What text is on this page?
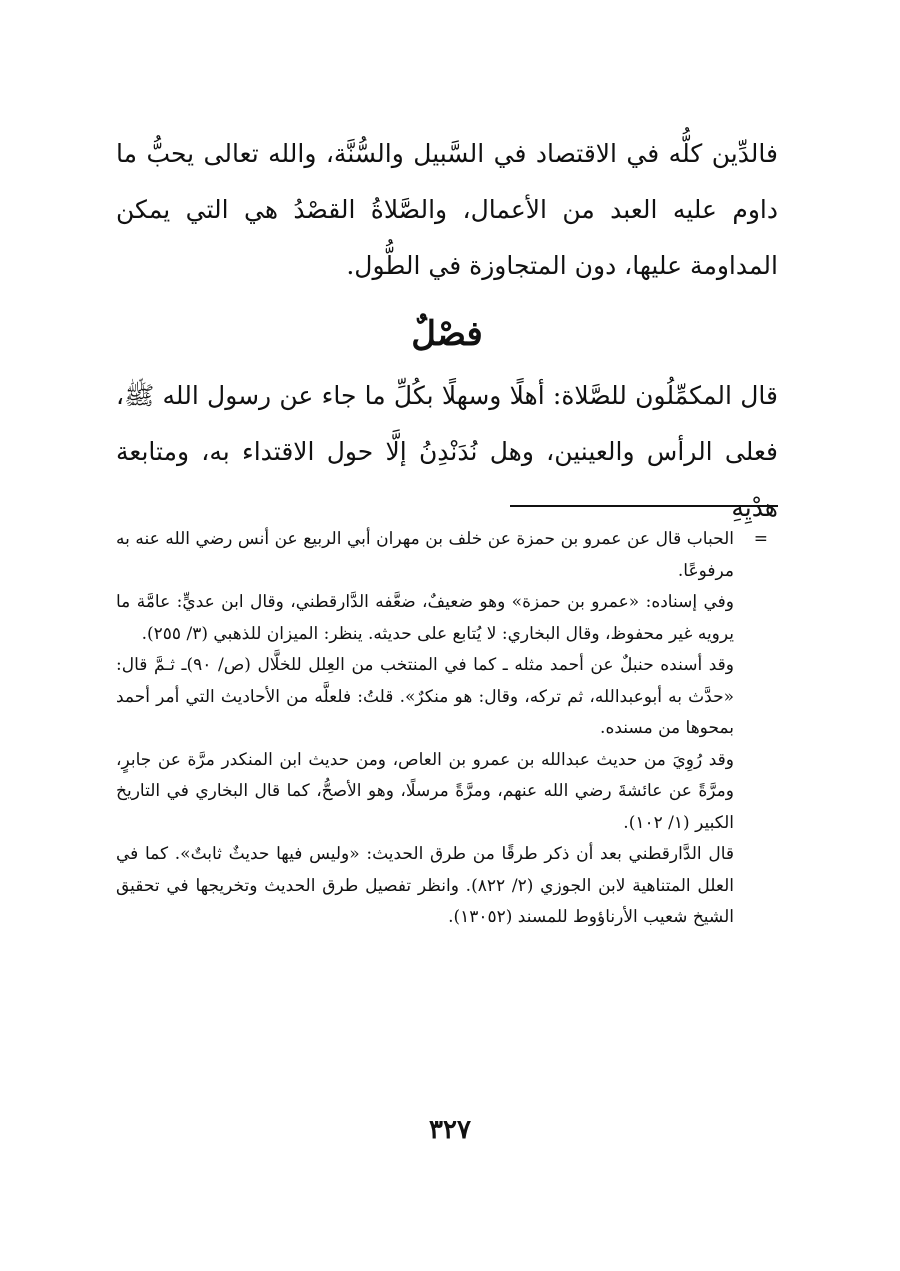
فالدِّين كلُّه في الاقتصاد في السَّبيل والسُّنَّة، والله تعالى يحبُّ ما داوم عليه العبد من الأعمال، والصَّلاةُ القصْدُ هي التي يمكن المداومة عليها، دون المتجاوزة في الطُّول.

فصْلٌ

قال المكمِّلُون للصَّلاة: أهلًا وسهلًا بكُلِّ ما جاء عن رسول الله ﷺ، فعلى الرأس والعينين، وهل نُدَنْدِنُ إلَّا حول الاقتداء به، ومتابعة هدْيِهِ

=
الحباب قال عن عمرو بن حمزة عن خلف بن مهران أبي الربيع عن أنس رضي الله عنه به مرفوعًا.

وفي إسناده: «عمرو بن حمزة» وهو ضعيفٌ، ضعَّفه الدَّارقطني، وقال ابن عديٍّ: عامَّة ما يرويه غير محفوظ، وقال البخاري: لا يُتابع على حديثه. ينظر: الميزان للذهبي (٣/ ٢٥٥).

وقد أسنده حنبلٌ عن أحمد مثله ـ كما في المنتخب من العِلل للخلَّال (ص/ ٩٠)ـ ثـمَّ قال: «حدَّث به أبوعبدالله، ثم تركه، وقال: هو منكرٌ». قلتُ: فلعلَّه من الأحاديث التي أمر أحمد بمحوها من مسنده.

وقد رُوِيَ من حديث عبدالله بن عمرو بن العاص، ومن حديث ابن المنكدر مرَّة عن جابرٍ، ومرَّةً عن عائشةَ رضي الله عنهم، ومرَّةً مرسلًا، وهو الأصحُّ، كما قال البخاري في التاريخ الكبير (١/ ١٠٢).

قال الدَّارقطني بعد أن ذكر طرقًا من طرق الحديث: «وليس فيها حديثٌ ثابتٌ». كما في العلل المتناهية لابن الجوزي (٢/ ٨٢٢). وانظر تفصيل طرق الحديث وتخريجها في تحقيق الشيخ شعيب الأرناؤوط للمسند (١٣٠٥٢).

٣٢٧
